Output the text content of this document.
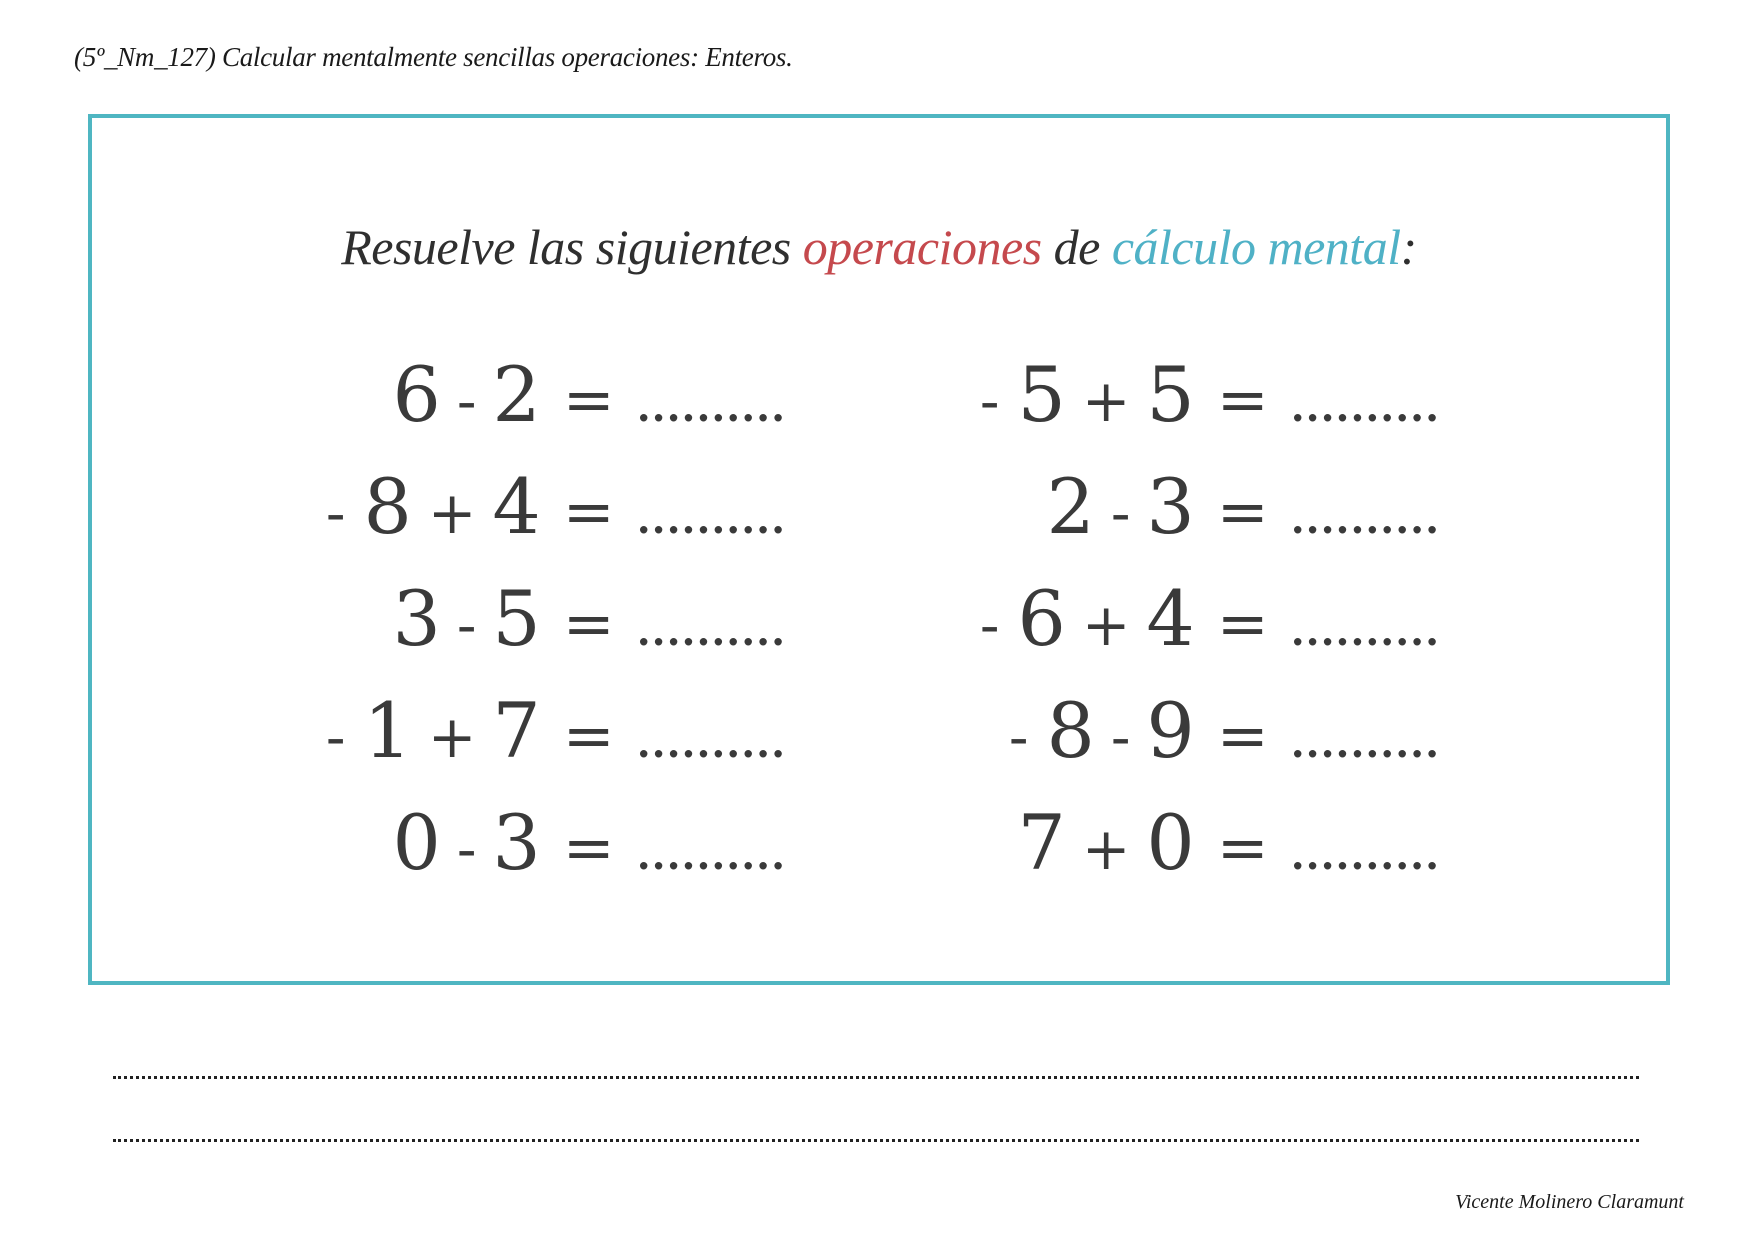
(5º_Nm_127) Calcular mentalmente sencillas operaciones: Enteros.
Resuelve las siguientes operaciones de cálculo mental:
6 - 2 = ..........
- 8 + 4 = ..........
3 - 5 = ..........
- 1 + 7 = ..........
0 - 3 = ..........
- 5 + 5 = ..........
2 - 3 = ..........
- 6 + 4 = ..........
- 8 - 9 = ..........
7 + 0 = ..........
Vicente Molinero Claramunt
